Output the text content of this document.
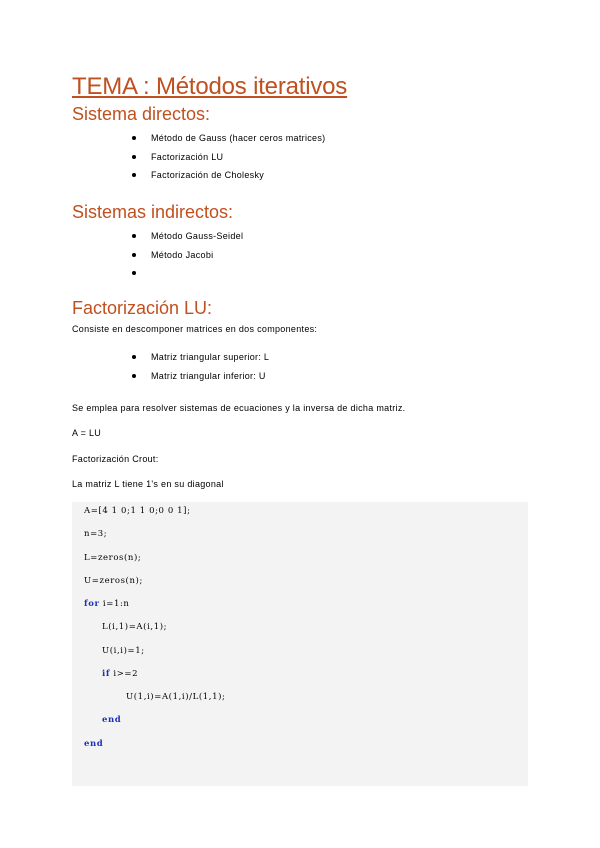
TEMA : Métodos iterativos
Sistema directos:
Método de Gauss (hacer ceros matrices)
Factorización LU
Factorización de Cholesky
Sistemas indirectos:
Método Gauss-Seidel
Método Jacobi
Factorización LU:
Consiste en descomponer matrices en dos componentes:
Matriz triangular superior: L
Matriz triangular inferior: U
Se emplea para resolver sistemas de ecuaciones y la inversa de dicha matriz.
A = LU
Factorización Crout:
La matriz L tiene 1's en su diagonal
A=[4 1 0;1 1 0;0 0 1];
n=3;
L=zeros(n);
U=zeros(n);
for i=1:n
L(i,1)=A(i,1);
U(i,i)=1;
if i>=2
U(1,i)=A(1,i)/L(1,1);
end
end
